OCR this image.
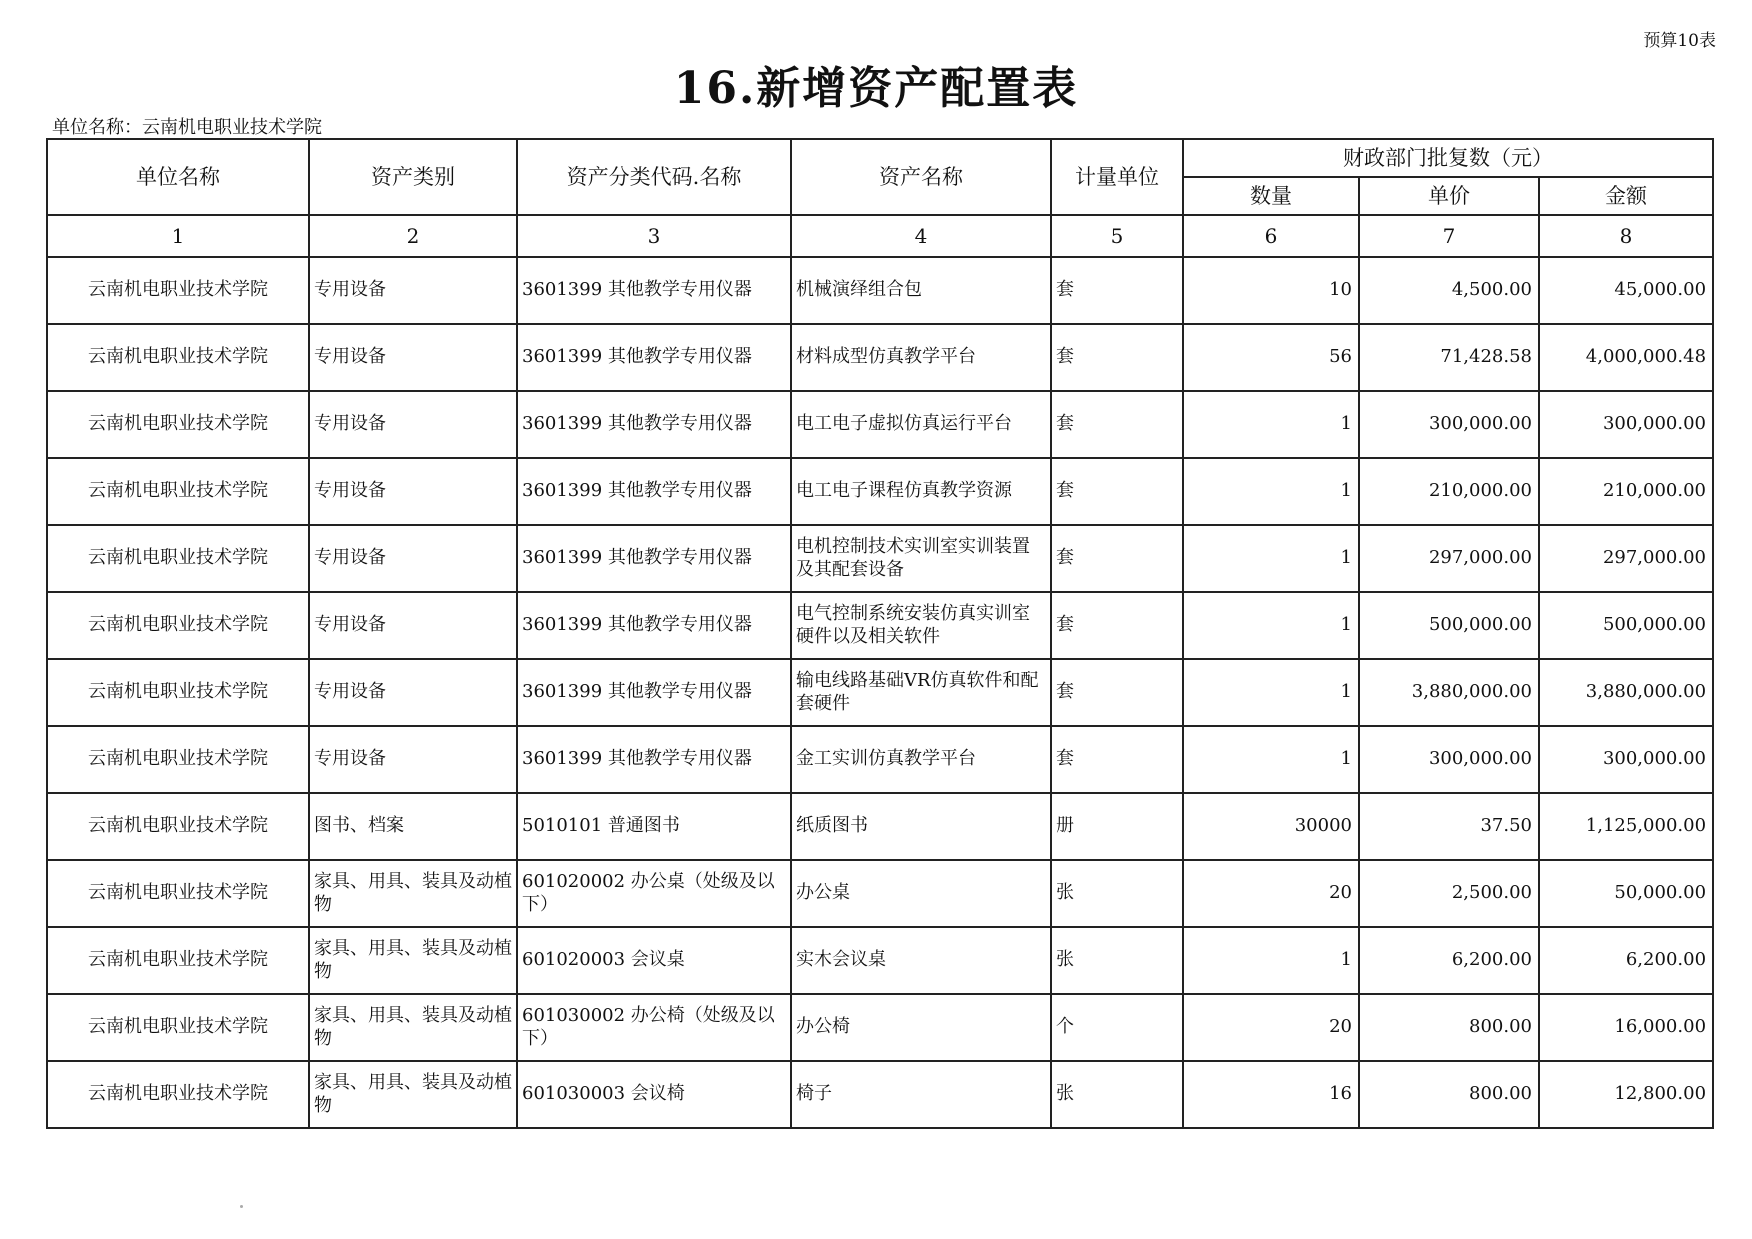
预算10表
16.新增资产配置表
单位名称：云南机电职业技术学院
单位名称	资产类别	资产分类代码.名称	资产名称	计量单位	财政部门批复数（元）		
					数量	单价	金额
1	2	3	4	5	6	7	8
云南机电职业技术学院	专用设备	3601399 其他教学专用仪器	机械演绎组合包	套	10	4,500.00	45,000.00
云南机电职业技术学院	专用设备	3601399 其他教学专用仪器	材料成型仿真教学平台	套	56	71,428.58	4,000,000.48
云南机电职业技术学院	专用设备	3601399 其他教学专用仪器	电工电子虚拟仿真运行平台	套	1	300,000.00	300,000.00
云南机电职业技术学院	专用设备	3601399 其他教学专用仪器	电工电子课程仿真教学资源	套	1	210,000.00	210,000.00
云南机电职业技术学院	专用设备	3601399 其他教学专用仪器	电机控制技术实训室实训装置及其配套设备	套	1	297,000.00	297,000.00
云南机电职业技术学院	专用设备	3601399 其他教学专用仪器	电气控制系统安装仿真实训室硬件以及相关软件	套	1	500,000.00	500,000.00
云南机电职业技术学院	专用设备	3601399 其他教学专用仪器	输电线路基础VR仿真软件和配套硬件	套	1	3,880,000.00	3,880,000.00
云南机电职业技术学院	专用设备	3601399 其他教学专用仪器	金工实训仿真教学平台	套	1	300,000.00	300,000.00
云南机电职业技术学院	图书、档案	5010101 普通图书	纸质图书	册	30000	37.50	1,125,000.00
云南机电职业技术学院	家具、用具、装具及动植物	601020002 办公桌（处级及以下）	办公桌	张	20	2,500.00	50,000.00
云南机电职业技术学院	家具、用具、装具及动植物	601020003 会议桌	实木会议桌	张	1	6,200.00	6,200.00
云南机电职业技术学院	家具、用具、装具及动植物	601030002 办公椅（处级及以下）	办公椅	个	20	800.00	16,000.00
云南机电职业技术学院	家具、用具、装具及动植物	601030003 会议椅	椅子	张	16	800.00	12,800.00
